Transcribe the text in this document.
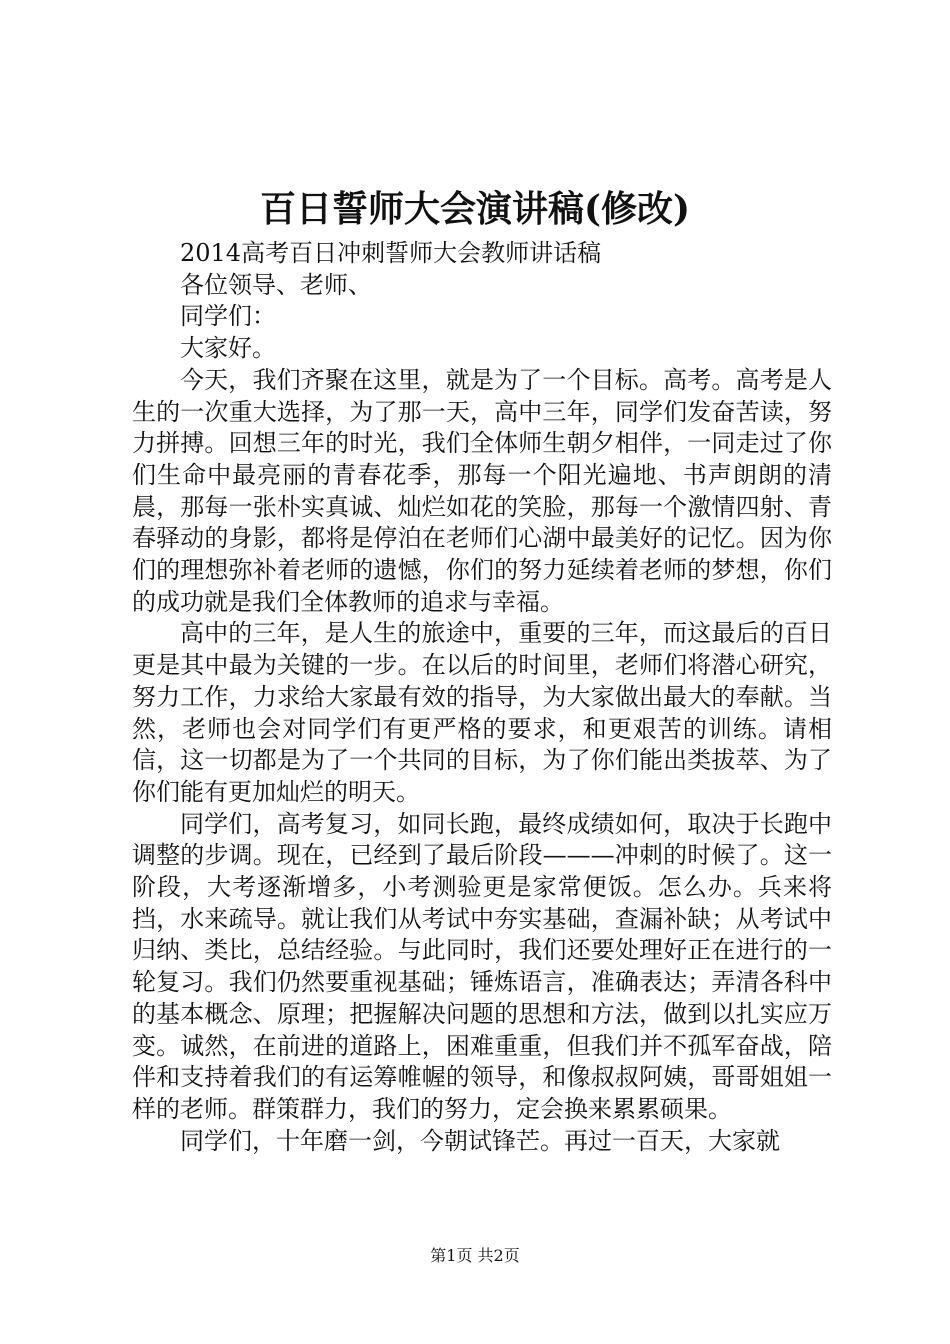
百日誓师大会演讲稿(修改)

2014高考百日冲刺誓师大会教师讲话稿

各位领导、老师、

同学们：

大家好。

今天，我们齐聚在这里，就是为了一个目标。高考。高考是人生的一次重大选择，为了那一天，高中三年，同学们发奋苦读，努力拼搏。回想三年的时光，我们全体师生朝夕相伴，一同走过了你们生命中最亮丽的青春花季，那每一个阳光遍地、书声朗朗的清晨，那每一张朴实真诚、灿烂如花的笑脸，那每一个激情四射、青春驿动的身影，都将是停泊在老师们心湖中最美好的记忆。因为你们的理想弥补着老师的遗憾，你们的努力延续着老师的梦想，你们的成功就是我们全体教师的追求与幸福。

高中的三年，是人生的旅途中，重要的三年，而这最后的百日更是其中最为关键的一步。在以后的时间里，老师们将潜心研究，努力工作，力求给大家最有效的指导，为大家做出最大的奉献。当然，老师也会对同学们有更严格的要求，和更艰苦的训练。请相信，这一切都是为了一个共同的目标，为了你们能出类拔萃、为了你们能有更加灿烂的明天。

同学们，高考复习，如同长跑，最终成绩如何，取决于长跑中调整的步调。现在，已经到了最后阶段———冲刺的时候了。这一阶段，大考逐渐增多，小考测验更是家常便饭。怎么办。兵来将挡，水来疏导。就让我们从考试中夯实基础，查漏补缺；从考试中归纳、类比，总结经验。与此同时，我们还要处理好正在进行的一轮复习。我们仍然要重视基础；锤炼语言，准确表达；弄清各科中的基本概念、原理；把握解决问题的思想和方法，做到以扎实应万变。诚然，在前进的道路上，困难重重，但我们并不孤军奋战，陪伴和支持着我们的有运筹帷幄的领导，和像叔叔阿姨，哥哥姐姐一样的老师。群策群力，我们的努力，定会换来累累硕果。

同学们，十年磨一剑，今朝试锋芒。再过一百天，大家就

第1页 共2页
